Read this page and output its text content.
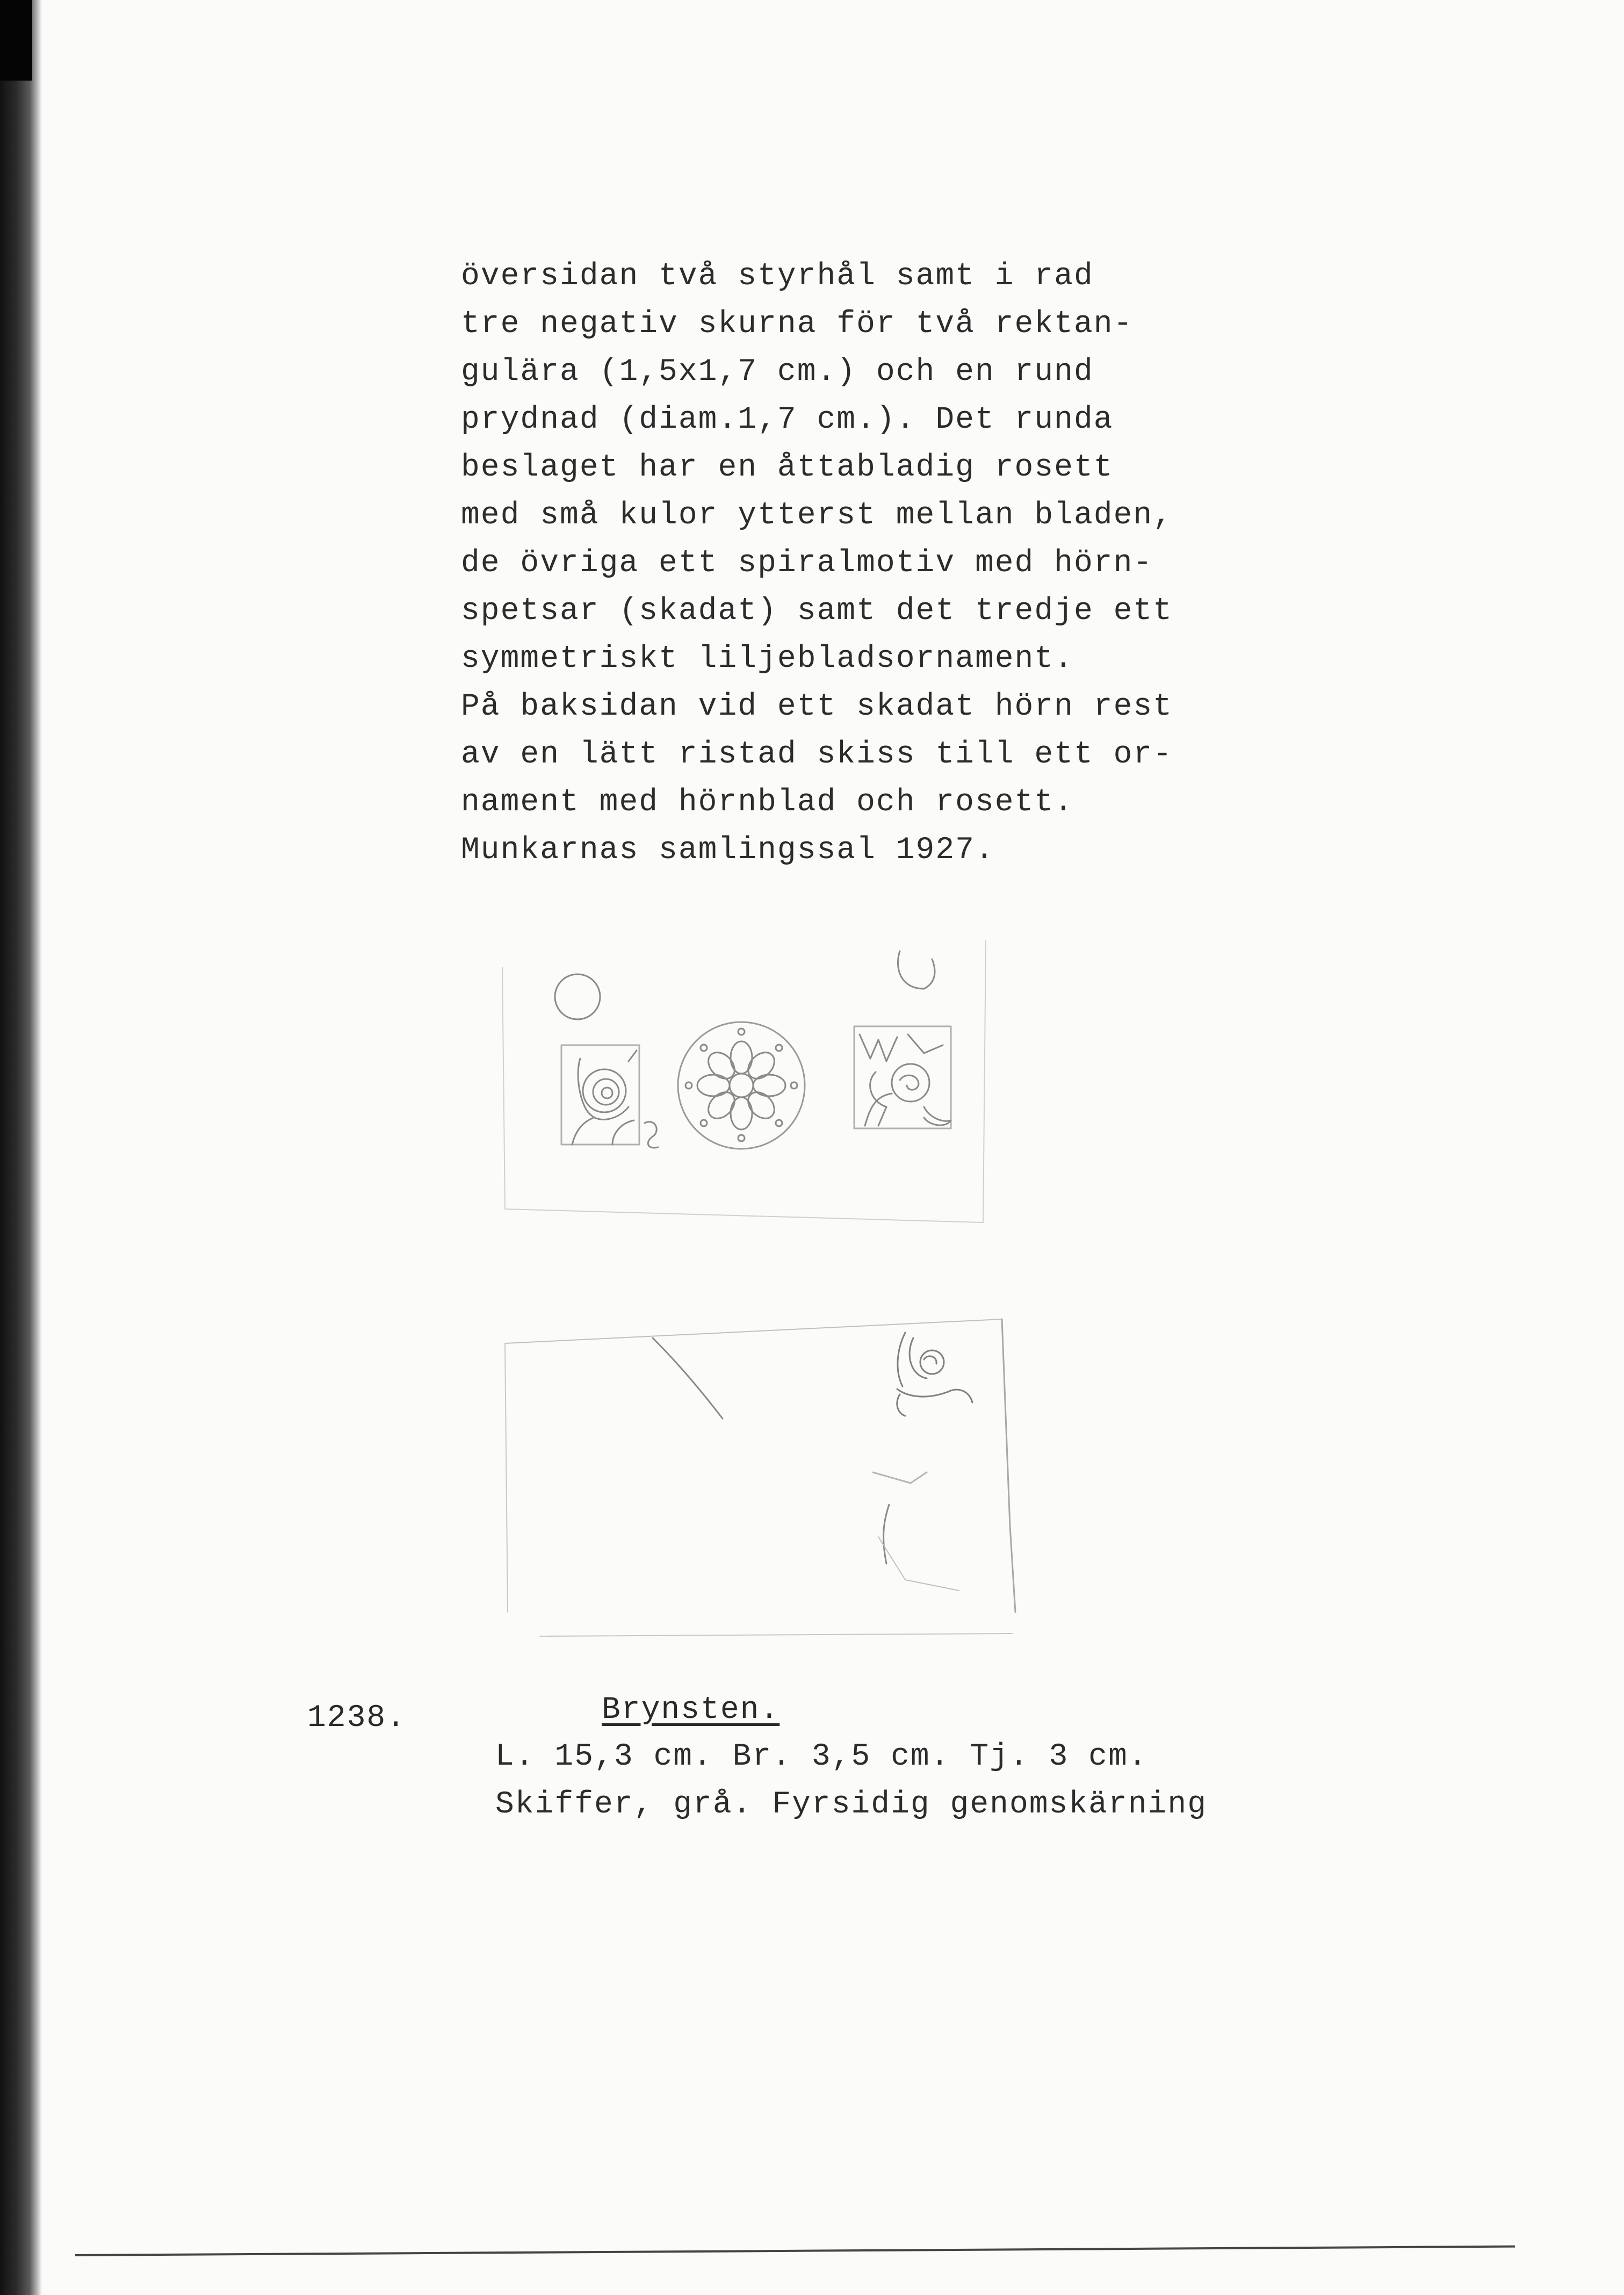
översidan två styrhål samt i rad
tre negativ skurna för två rektan-
gulära (1,5x1,7 cm.) och en rund
prydnad (diam.1,7 cm.). Det runda
beslaget har en åttabladig rosett
med små kulor ytterst mellan bladen,
de övriga ett spiralmotiv med hörn-
spetsar (skadat) samt det tredje ett
symmetriskt liljebladsornament.
På baksidan vid ett skadat hörn rest
av en lätt ristad skiss till ett or-
nament med hörnblad och rosett.
Munkarnas samlingssal 1927.
1238.	Brynsten.
L. 15,3 cm. Br. 3,5 cm. Tj. 3 cm.
Skiffer, grå. Fyrsidig genomskärning
